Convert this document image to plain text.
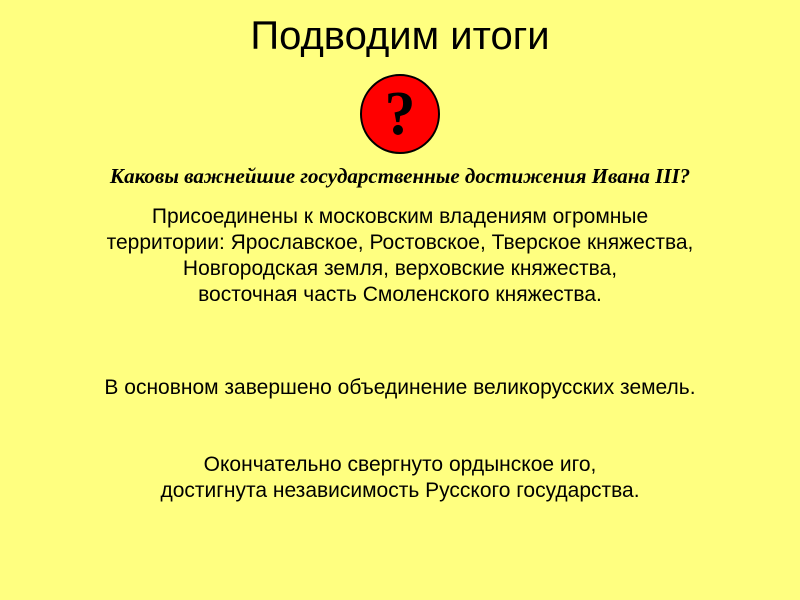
Подводим итоги
?
Каковы важнейшие государственные достижения Ивана III?
Присоединены к московским владениям огромные
территории: Ярославское, Ростовское, Тверское княжества,
Новгородская земля, верховские княжества,
восточная часть Смоленского княжества.
В основном завершено объединение великорусских земель.
Окончательно свергнуто ордынское иго,
достигнута независимость Русского государства.
